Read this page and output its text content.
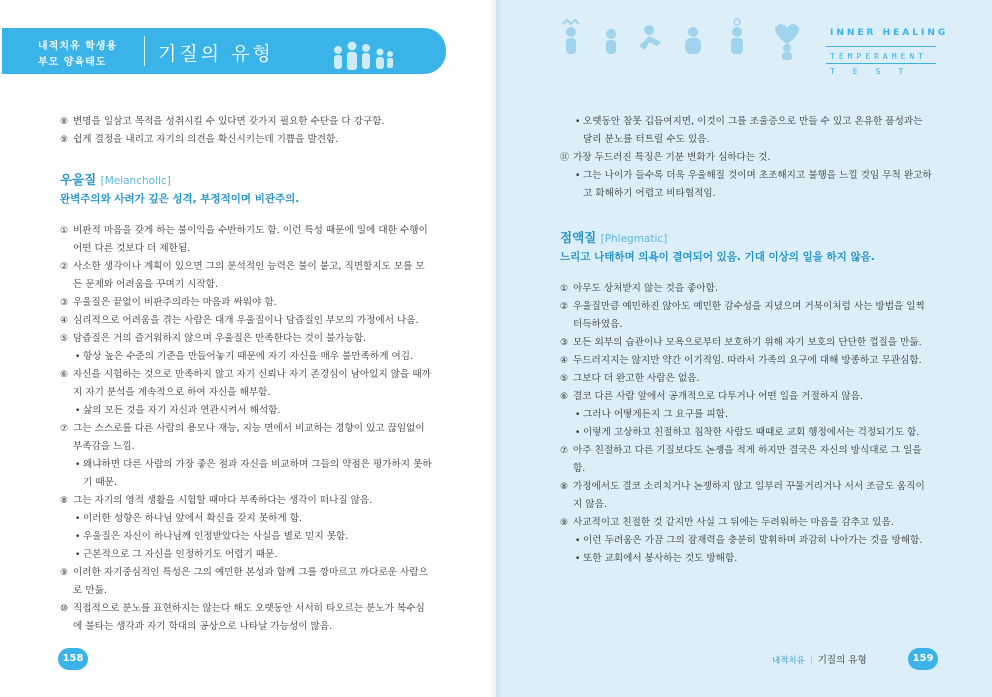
내적치유 학생용
부모 양육태도	기질의 유형
INNER HEALING
TEMPERAMENT
TEST
⑧ 변명을 일삼고 목적을 성취시킬 수 있다면 갖가지 필요한 수단을 다 강구함.
⑨ 쉽게 결정을 내리고 자기의 의견을 확신시키는데 기쁨을 발견함.
우울질 [Melancholic]
완벽주의와 사려가 깊은 성격, 부정적이며 비관주의.
① 비판적 마음을 갖게 하는 불이익을 수반하기도 함. 이런 특성 때문에 일에 대한 수행이 어떤 다른 것보다 더 제한됨.
② 사소한 생각이나 계획이 있으면 그의 분석적인 능력은 불이 붙고, 직면할지도 모를 모든 문제와 어려움을 꾸며기 시작함.
③ 우울질은 끝없이 비판주의라는 마음과 싸워야 함.
④ 심리적으로 어려움을 겪는 사람은 대개 우울질이나 담즙질인 부모의 가정에서 나옴.
⑤ 담즙질은 거의 즐거워하지 않으며 우울질은 만족한다는 것이 불가능함.
• 항상 높은 수준의 기준을 만들어놓기 때문에 자기 자신을 매우 불만족하게 여김.
⑥ 자신을 시험하는 것으로 만족하지 않고 자기 신뢰나 자기 존경심이 남아있지 않을 때까지 자기 분석을 계속적으로 하여 자신을 해부함.
• 삶의 모든 것을 자기 자신과 연관시켜서 해석함.
⑦ 그는 스스로를 다른 사람의 용모나 재능, 지능 면에서 비교하는 경향이 있고 끊임없이 부족감을 느낌.
• 왜냐하면 다른 사람의 가장 좋은 점과 자신을 비교하며 그들의 약점은 평가하지 못하기 때문.
⑧ 그는 자기의 영적 생활을 시험할 때마다 부족하다는 생각이 떠나질 않음.
• 이러한 성향은 하나님 앞에서 확신을 갖지 못하게 함.
• 우울질은 자신이 하나님께 인정받았다는 사실을 별로 믿지 못함.
• 근본적으로 그 자신을 인정하기도 어렵기 때문.
⑨ 이러한 자기중심적인 특성은 그의 예민한 본성과 함께 그를 깡마르고 까다로운 사람으로 만듦.
⑩ 직접적으로 분노를 표현하지는 않는다 해도 오랫동안 서서히 타오르는 분노가 복수심에 불타는 생각과 자기 학대의 공상으로 나타날 가능성이 많음.
• 오랫동안 참못 깁듬여지면, 이것이 그를 조울증으로 만들 수 있고 온유한 품성과는 달리 분노를 터트릴 수도 있음.
⑪ 가장 두드러진 특징은 기분 변화가 심하다는 것.
• 그는 나이가 들수록 더욱 우울해질 것이며 초조해지고 불행을 느낄 것임 무척 완고하고 화해하기 어렵고 비타협적임.
점액질 [Phlegmatic]
느리고 나태하며 의욕이 결여되어 있음. 기대 이상의 일을 하지 않음.
① 아무도 상처받지 않는 것을 좋아함.
② 우울질만큼 예민하진 않아도 예민한 감수성을 지녔으며 거북이처럼 사는 방법을 일찍 터득하였음.
③ 모든 외부의 습관이나 모욕으로부터 보호하기 위해 자기 보호의 단단한 껍질을 만듦.
④ 두드러지지는 않지만 약간 이기적임. 따라서 가족의 요구에 대해 방종하고 무관심함.
⑤ 그보다 더 완고한 사람은 없음.
⑥ 결코 다른 사람 앞에서 공개적으로 다투거나 어떤 일을 거절하지 않음.
• 그러나 어떻게든지 그 요구를 피함.
• 이렇게 고상하고 친절하고 침착한 사람도 때때로 교회 행정에서는 걱정되기도 함.
⑦ 아주 친절하고 다른 기질보다도 논쟁을 적게 하지만 결국은 자신의 방식대로 그 일을 함.
⑧ 가정에서도 결코 소리치거나 논쟁하지 않고 일부러 꾸물거리거나 서서 조금도 움직이지 않음.
⑨ 사교적이고 친절한 것 같지만 사실 그 뒤에는 두려워하는 마음을 감추고 있음.
• 이런 두려움은 가끔 그의 잠재력을 충분히 발휘하며 과감히 나아가는 것을 방해함.
• 또한 교회에서 봉사하는 것도 방해함.
158	내적치유 | 기질의 유형	159
